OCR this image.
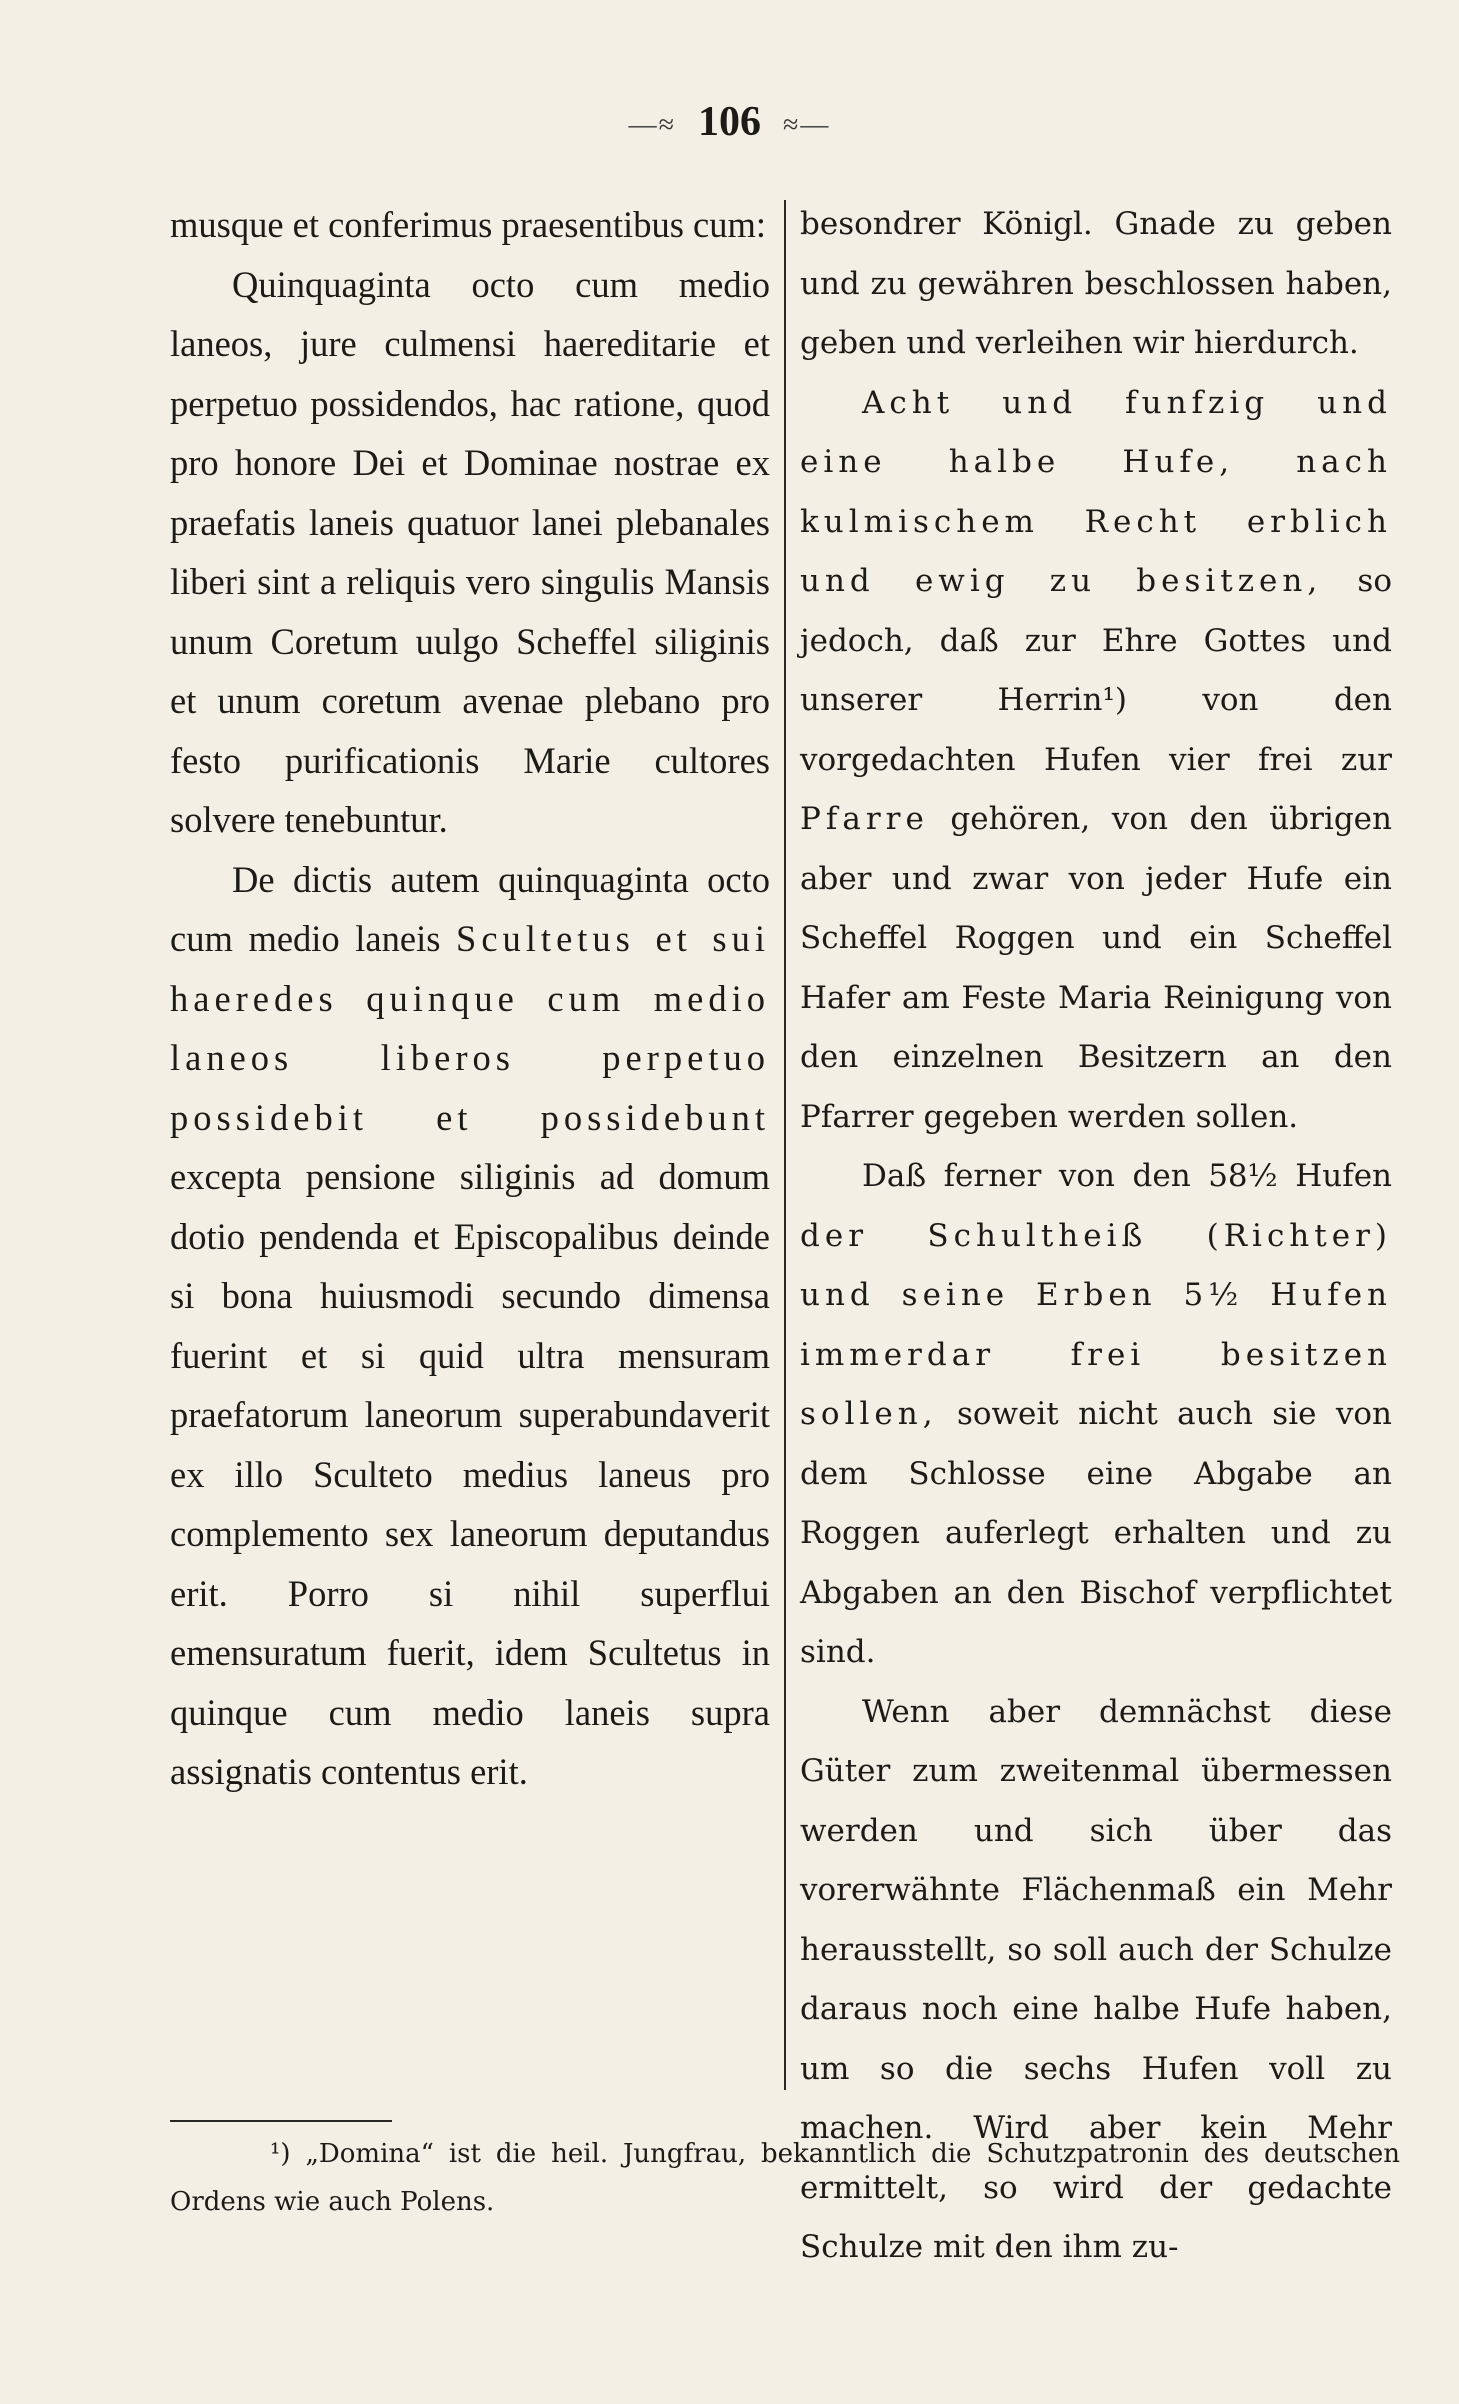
—≈ 106 ≈—

musque et conferimus praesentibus cum:

Quinquaginta octo cum medio laneos, jure culmensi haereditarie et perpetuo possidendos, hac ratione, quod pro honore Dei et Dominae nostrae ex praefatis laneis quatuor lanei plebanales liberi sint a reliquis vero singulis Mansis unum Coretum uulgo Scheffel siliginis et unum coretum avenae plebano pro festo purificationis Marie cultores solvere tenebuntur.

De dictis autem quinquaginta octo cum medio laneis Scultetus et sui haeredes quinque cum medio laneos liberos perpetuo possidebit et possidebunt excepta pensione siliginis ad domum dotio pendenda et Episcopalibus deinde si bona huiusmodi secundo dimensa fuerint et si quid ultra mensuram praefatorum laneorum superabundaverit ex illo Sculteto medius laneus pro complemento sex laneorum deputandus erit. Porro si nihil superflui emensuratum fuerit, idem Scultetus in quinque cum medio laneis supra assignatis contentus erit.

besondrer Königl. Gnade zu geben und zu gewähren beschlossen haben, geben und verleihen wir hierdurch.

Acht und funfzig und eine halbe Hufe, nach kulmischem Recht erblich und ewig zu besitzen, so jedoch, daß zur Ehre Gottes und unserer Herrin¹) von den vorgedachten Hufen vier frei zur Pfarre gehören, von den übrigen aber und zwar von jeder Hufe ein Scheffel Roggen und ein Scheffel Hafer am Feste Maria Reinigung von den einzelnen Besitzern an den Pfarrer gegeben werden sollen.

Daß ferner von den 58½ Hufen der Schultheiß (Richter) und seine Erben 5½ Hufen immerdar frei besitzen sollen, soweit nicht auch sie von dem Schlosse eine Abgabe an Roggen auferlegt erhalten und zu Abgaben an den Bischof verpflichtet sind.

Wenn aber demnächst diese Güter zum zweitenmal übermessen werden und sich über das vorerwähnte Flächenmaß ein Mehr herausstellt, so soll auch der Schulze daraus noch eine halbe Hufe haben, um so die sechs Hufen voll zu machen. Wird aber kein Mehr ermittelt, so wird der gedachte Schulze mit den ihm zu-

¹) „Domina“ ist die heil. Jungfrau, bekanntlich die Schutzpatronin des deutschen Ordens wie auch Polens.
